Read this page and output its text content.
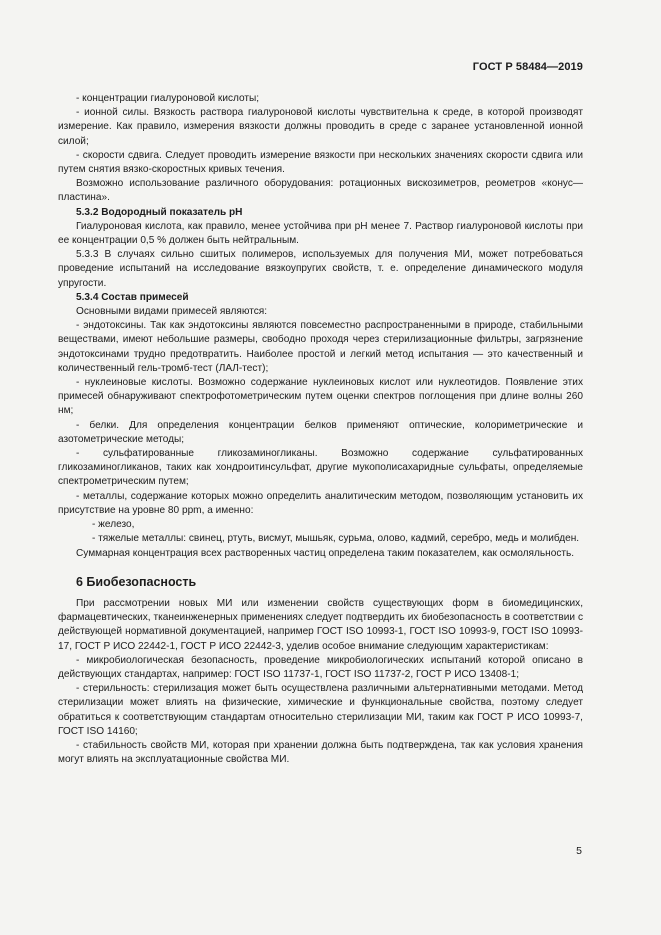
ГОСТ Р 58484—2019

- концентрации гиалуроновой кислоты;

- ионной силы. Вязкость раствора гиалуроновой кислоты чувствительна к среде, в которой производят измерение. Как правило, измерения вязкости должны проводить в среде с заранее установленной ионной силой;

- скорости сдвига. Следует проводить измерение вязкости при нескольких значениях скорости сдвига или путем снятия вязко-скоростных кривых течения.

Возможно использование различного оборудования: ротационных вискозиметров, реометров «конус—пластина».

5.3.2 Водородный показатель рН

Гиалуроновая кислота, как правило, менее устойчива при рН менее 7. Раствор гиалуроновой кислоты при ее концентрации 0,5 % должен быть нейтральным.

5.3.3 В случаях сильно сшитых полимеров, используемых для получения МИ, может потребоваться проведение испытаний на исследование вязкоупругих свойств, т. е. определение динамического модуля упругости.

5.3.4 Состав примесей

Основными видами примесей являются:

- эндотоксины. Так как эндотоксины являются повсеместно распространенными в природе, стабильными веществами, имеют небольшие размеры, свободно проходя через стерилизационные фильтры, загрязнение эндотоксинами трудно предотвратить. Наиболее простой и легкий метод испытания — это качественный и количественный гель-тромб-тест (ЛАЛ-тест);

- нуклеиновые кислоты. Возможно содержание нуклеиновых кислот или нуклеотидов. Появление этих примесей обнаруживают спектрофотометрическим путем оценки спектров поглощения при длине волны 260 нм;

- белки. Для определения концентрации белков применяют оптические, колориметрические и азотометрические методы;

- сульфатированные гликозаминогликаны. Возможно содержание сульфатированных гликозаминогликанов, таких как хондроитинсульфат, другие мукополисахаридные сульфаты, определяемые спектрометрическим путем;

- металлы, содержание которых можно определить аналитическим методом, позволяющим установить их присутствие на уровне 80 ppm, а именно:

- железо,

- тяжелые металлы: свинец, ртуть, висмут, мышьяк, сурьма, олово, кадмий, серебро, медь и молибден.

Суммарная концентрация всех растворенных частиц определена таким показателем, как осмоляльность.

6 Биобезопасность

При рассмотрении новых МИ или изменении свойств существующих форм в биомедицинских, фармацевтических, тканеинженерных применениях следует подтвердить их биобезопасность в соответствии с действующей нормативной документацией, например ГОСТ ISO 10993-1, ГОСТ ISO 10993-9, ГОСТ ISO 10993-17, ГОСТ Р ИСО 22442-1, ГОСТ Р ИСО 22442-3, уделив особое внимание следующим характеристикам:

- микробиологическая безопасность, проведение микробиологических испытаний которой описано в действующих стандартах, например: ГОСТ ISO 11737-1, ГОСТ ISO 11737-2, ГОСТ Р ИСО 13408-1;

- стерильность: стерилизация может быть осуществлена различными альтернативными методами. Метод стерилизации может влиять на физические, химические и функциональные свойства, поэтому следует обратиться к соответствующим стандартам относительно стерилизации МИ, таким как ГОСТ Р ИСО 10993-7, ГОСТ ISO 14160;

- стабильность свойств МИ, которая при хранении должна быть подтверждена, так как условия хранения могут влиять на эксплуатационные свойства МИ.

5
